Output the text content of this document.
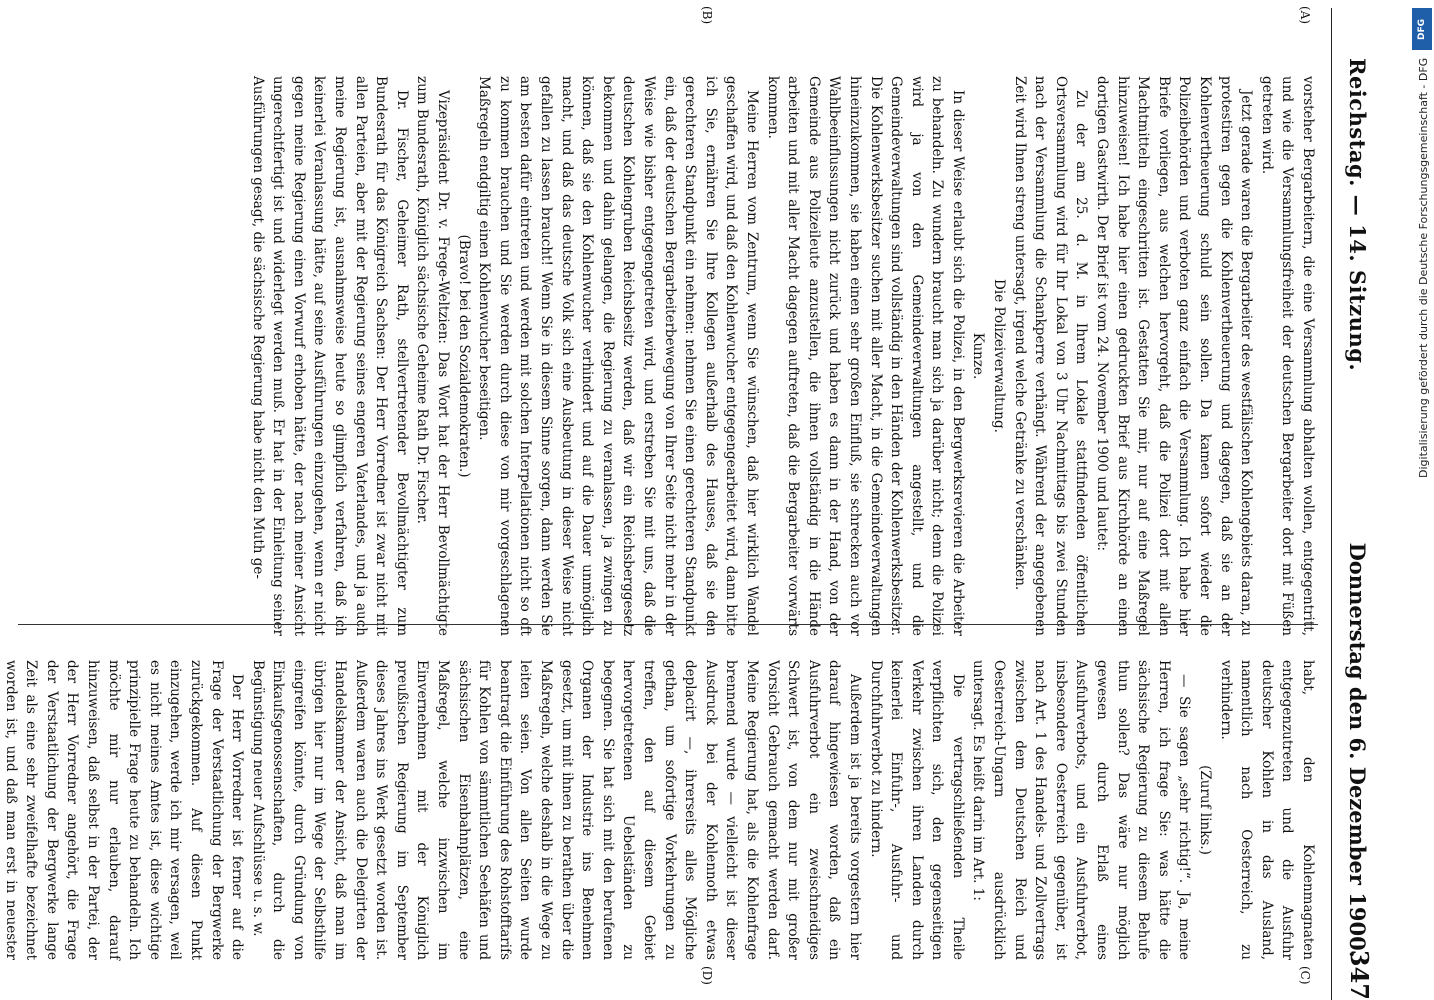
Reichstag. — 14. Sitzung.
Donnerstag den 6. Dezember 1900.
347
(A)
(B)
(C)
(D)

vorsteher Bergarbeitern, die eine Versammlung abhalten wollen, entgegentritt, und wie die Versammlungsfreiheit der deutschen Bergarbeiter dort mit Füßen getreten wird.

Jetzt gerade waren die Bergarbeiter des westfälischen Kohlengebiets daran, zu protestiren gegen die Kohlenvertheuerung und dagegen, daß sie an der Kohlenvertheuerung schuld sein sollen. Da kamen sofort wieder die Polizeibehörden und verboten ganz einfach die Versammlung. Ich habe hier Briefe vorliegen, aus welchen hervorgeht, daß die Polizei dort mit allen Machtmitteln eingeschritten ist. Gestatten Sie mir, nur auf eine Maßregel hinzuweisen! Ich habe hier einen gedruckten Brief aus Kirchhörde an einen dortigen Gastwirth. Der Brief ist vom 24. November 1900 und lautet:

Zu der am 25. d. M. in Ihrem Lokale stattfindenden öffentlichen Ortsversammlung wird für Ihr Lokal von 3 Uhr Nachmittags bis zwei Stunden nach der Versammlung die Schankperre verhängt. Während der angegebenen Zeit wird Ihnen streng untersagt, irgend welche Getränke zu verschänken.

Die Polizeiverwaltung.

Kunze.

In dieser Weise erlaubt sich die Polizei, in den Bergwerksrevieren die Arbeiter zu behandeln. Zu wundern braucht man sich ja darüber nicht; denn die Polizei wird ja von den Gemeindeverwaltungen angestellt, und die Gemeindeverwaltungen sind vollständig in den Händen der Kohlenwerksbesitzer. Die Kohlenwerksbesitzer suchen mit aller Macht, in die Gemeindeverwaltungen hineinzukommen, sie haben einen sehr großen Einfluß, sie schrecken auch vor Wahlbeeinflussungen nicht zurück und haben es dann in der Hand, von der Gemeinde aus Polizeileute anzustellen, die ihnen vollständig in die Hände arbeiten und mit aller Macht dagegen auftreten, daß die Bergarbeiter vorwärts kommen.

Meine Herren vom Zentrum, wenn Sie wünschen, daß hier wirklich Wandel geschaffen wird, und daß den Kohlenwucher entgegengearbeitet wird, dann bitte ich Sie, ernähren Sie Ihre Kollegen außerhalb des Hauses, daß sie den gerechteren Standpunkt ein nehmen: nehmen Sie einen gerechteren Standpunkt ein, daß der deutschen Bergarbeiterbewegung von Ihrer Seite nicht mehr in der Weise wie bisher entgegengetreten wird, und erstreben Sie mit uns, daß die deutschen Kohlengruben Reichsbesitz werden, daß wir ein Reichsberggesetz bekommen und dahin gelangen, die Regierung zu veranlassen, ja zwingen zu können, daß sie den Kohlenwucher verhindert und auf die Dauer unmöglich macht, und daß das deutsche Volk sich eine Ausbeutung in dieser Weise nicht gefallen zu lassen braucht! Wenn Sie in diesem Sinne sorgen, dann werden Sie am besten dafür eintreten und werden mit solchen Interpellationen nicht so oft zu kommen brauchen und Sie werden durch diese von mir vorgeschlagenen Maßregeln endgiltig einen Kohlenwucher beseitigen.

(Bravo! bei den Sozialdemokraten.)

Vizepräsident Dr. v. Frege-Weltzien: Das Wort hat der Herr Bevollmächtigte zum Bundesrath, Königlich sächsische Geheime Rath Dr. Fischer.

Dr. Fischer, Geheimer Rath, stellvertretender Bevollmächtigter zum Bundesrath für das Königreich Sachsen: Der Herr Vorredner ist zwar nicht mit allen Parteien, aber mit der Regierung seines engeren Vaterlandes, und ja auch meine Regierung ist, ausnahmsweise heute so glimpflich verfahren, daß ich keinerlei Veranlassung hätte, auf seine Ausführungen einzugehen, wenn er nicht gegen meine Regierung einen Vorwurf erhoben hätte, der nach meiner Ansicht ungerechtfertigt ist und widerlegt werden muß. Er hat in der Einleitung seiner Ausführungen gesagt, die sächsische Regierung habe nicht den Muth ge-

habt, den Kohlenmagnaten entgegenzutreten und die Ausfuhr deutscher Kohlen in das Ausland, namentlich nach Oesterreich, zu verhindern.

(Zuruf links.)

— Sie sagen „sehr richtig!“. Ja, meine Herren, ich frage Sie: was hätte die sächsische Regierung zu diesem Behufe thun sollen? Das wäre nur möglich gewesen durch Erlaß eines Ausfuhrverbots, und ein Ausfuhrverbot, insbesondere Oesterreich gegenüber, ist nach Art. 1 des Handels- und Zollvertrags zwischen dem Deutschen Reich und Oesterreich-Ungarn ausdrücklich untersagt. Es heißt darin im Art. 1:

Die vertragschließenden Theile verpflichten sich, den gegenseitigen Verkehr zwischen ihren Landen durch keinerlei Einfuhr-, Ausfuhr- und Durchfuhrverbot zu hindern.

Außerdem ist ja bereits vorgestern hier darauf hingewiesen worden, daß ein Ausfuhrverbot ein zweischneidiges Schwert ist, von dem nur mit großer Vorsicht Gebrauch gemacht werden darf. Meine Regierung hat, als die Kohlenfrage brennend wurde — vielleicht ist dieser Ausdruck bei der Kohlennoth etwas deplacirt —, ihrerseits alles Mögliche gethan, um sofortige Vorkehrungen zu treffen, den auf diesem Gebiet hervorgetretenen Uebelständen zu begegnen. Sie hat sich mit den berufenen Organen der Industrie ins Benehmen gesetzt, um mit ihnen zu berathen über die Maßregeln, welche deshalb in die Wege zu leiten seien. Von allen Seiten wurde beantragt die Einführung des Rohstofftarifs für Kohlen von sämmtlichen Seehäfen und sächsischen Eisenbahnplätzen, eine Maßregel, welche inzwischen im Einvernehmen mit der Königlich preußischen Regierung im September dieses Jahres ins Werk gesetzt worden ist. Außerdem waren auch die Delegirten der Handelskammer der Ansicht, daß man im übrigen hier nur im Wege der Selbsthilfe eingreifen könnte, durch Gründung von Einkaufsgenossenschaften, durch die Begünstigung neuer Aufschlüsse u. s. w.

Der Herr Vorredner ist ferner auf die Frage der Verstaatlichung der Bergwerke zurückgekommen. Auf diesen Punkt einzugehen, werde ich mir versagen, weil es nicht meines Amtes ist, diese wichtige prinzipielle Frage heute zu behandeln. Ich möchte mir nur erlauben, darauf hinzuweisen, daß selbst in der Partei, der der Herr Vorredner angehört, die Frage der Verstaatlichung der Bergwerke lange Zeit als eine sehr zweifelhafte bezeichnet worden ist, und daß man erst in neuester

Digitalisierung gefördert durch die Deutsche Forschungsgemeinschaft - DFG
DFG
